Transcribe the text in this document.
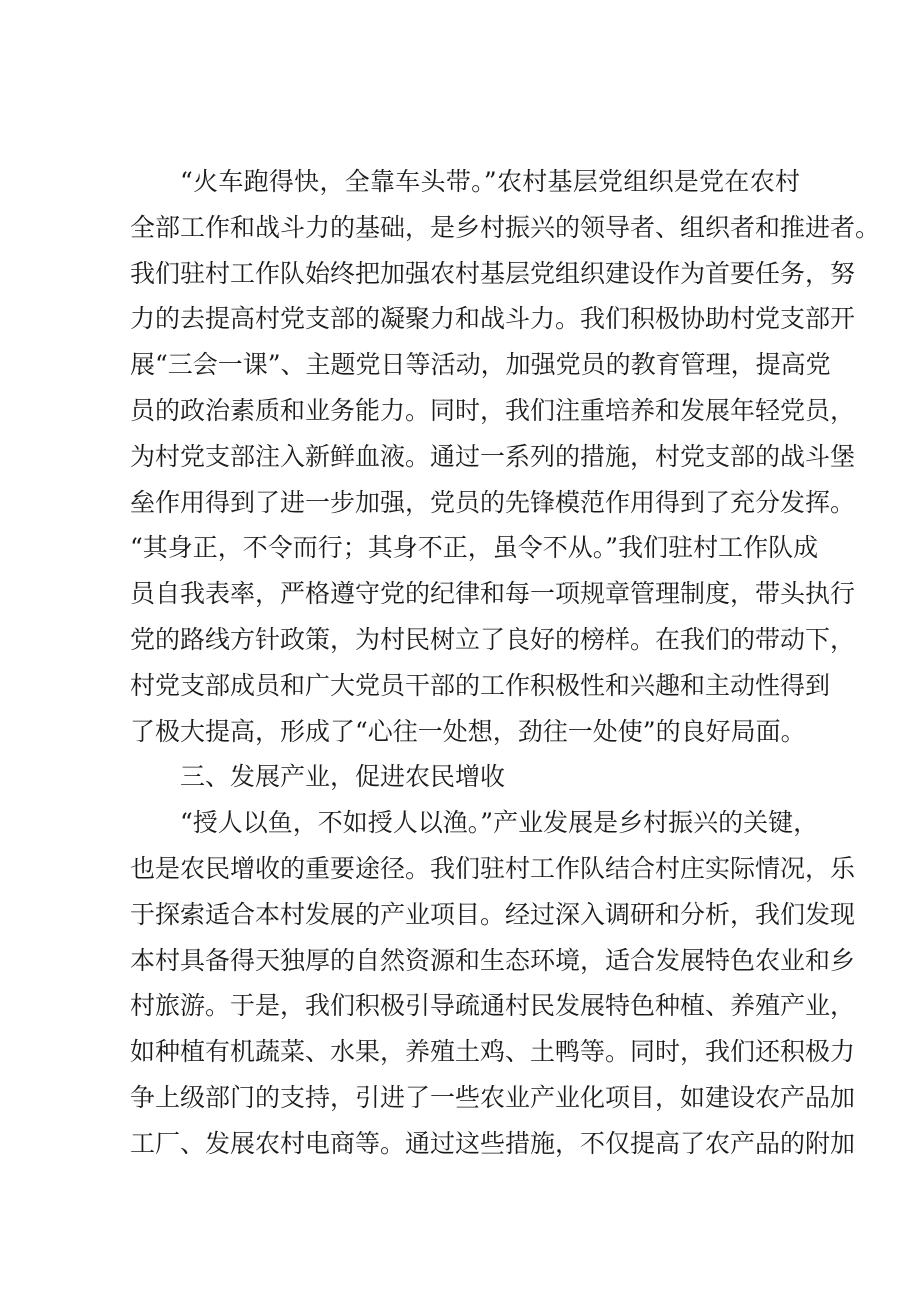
“火车跑得快，全靠车头带。”农村基层党组织是党在农村

全部工作和战斗力的基础，是乡村振兴的领导者、组织者和推进者。

我们驻村工作队始终把加强农村基层党组织建设作为首要任务，努

力的去提高村党支部的凝聚力和战斗力。我们积极协助村党支部开

展“三会一课”、主题党日等活动，加强党员的教育管理，提高党

员的政治素质和业务能力。同时，我们注重培养和发展年轻党员，

为村党支部注入新鲜血液。通过一系列的措施，村党支部的战斗堡

垒作用得到了进一步加强，党员的先锋模范作用得到了充分发挥。

“其身正，不令而行；其身不正，虽令不从。”我们驻村工作队成

员自我表率，严格遵守党的纪律和每一项规章管理制度，带头执行

党的路线方针政策，为村民树立了良好的榜样。在我们的带动下，

村党支部成员和广大党员干部的工作积极性和兴趣和主动性得到

了极大提高，形成了“心往一处想，劲往一处使”的良好局面。

三、发展产业，促进农民增收

“授人以鱼，不如授人以渔。”产业发展是乡村振兴的关键，

也是农民增收的重要途径。我们驻村工作队结合村庄实际情况，乐

于探索适合本村发展的产业项目。经过深入调研和分析，我们发现

本村具备得天独厚的自然资源和生态环境，适合发展特色农业和乡

村旅游。于是，我们积极引导疏通村民发展特色种植、养殖产业，

如种植有机蔬菜、水果，养殖土鸡、土鸭等。同时，我们还积极力

争上级部门的支持，引进了一些农业产业化项目，如建设农产品加

工厂、发展农村电商等。通过这些措施，不仅提高了农产品的附加
